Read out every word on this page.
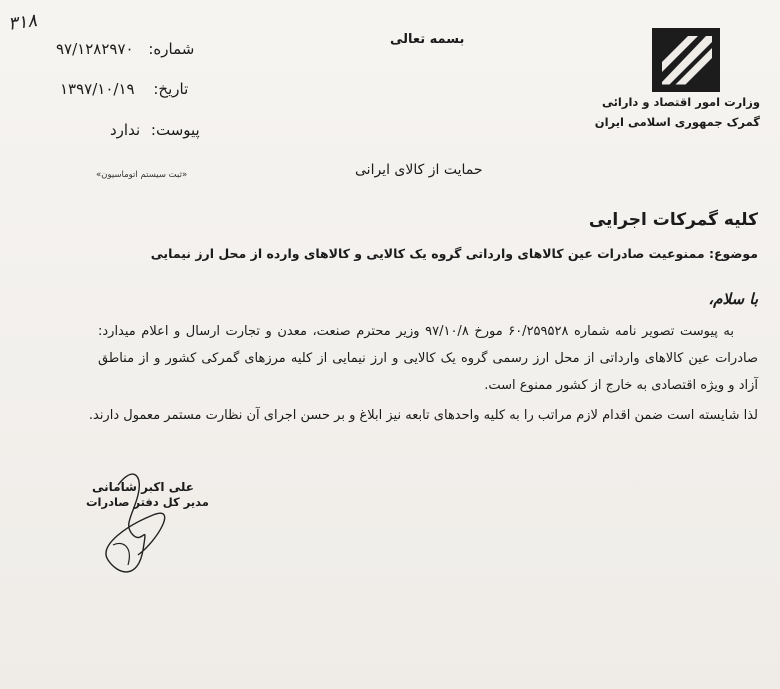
۳۱۸
بسمه تعالی
شماره: ۹۷/۱۲۸۲۹۷۰
تاریخ: ۱۳۹۷/۱۰/۱۹
پیوست: ندارد
«ثبت سیستم اتوماسیون»
وزارت امور اقتصاد و دارائی
گمرک جمهوری اسلامی ایران
حمایت از کالای ایرانی
کلیه گمرکات اجرایی
موضوع: ممنوعیت صادرات عین کالاهای وارداتی گروه یک کالایی و کالاهای وارده از محل ارز نیمایی
با سلام،

به پیوست تصویر نامه شماره ۶۰/۲۵۹۵۲۸ مورخ ۹۷/۱۰/۸ وزیر محترم صنعت، معدن و تجارت ارسال و اعلام میدارد: صادرات عین کالاهای وارداتی از محل ارز رسمی گروه یک کالایی و ارز نیمایی از کلیه مرزهای گمرکی کشور و از مناطق آزاد و ویژه اقتصادی به خارج از کشور ممنوع است.

لذا شایسته است ضمن اقدام لازم مراتب را به کلیه واحدهای تابعه نیز ابلاغ و بر حسن اجرای آن نظارت مستمر معمول دارند.
علی اکبر شامانی
مدیر کل دفتر صادرات
